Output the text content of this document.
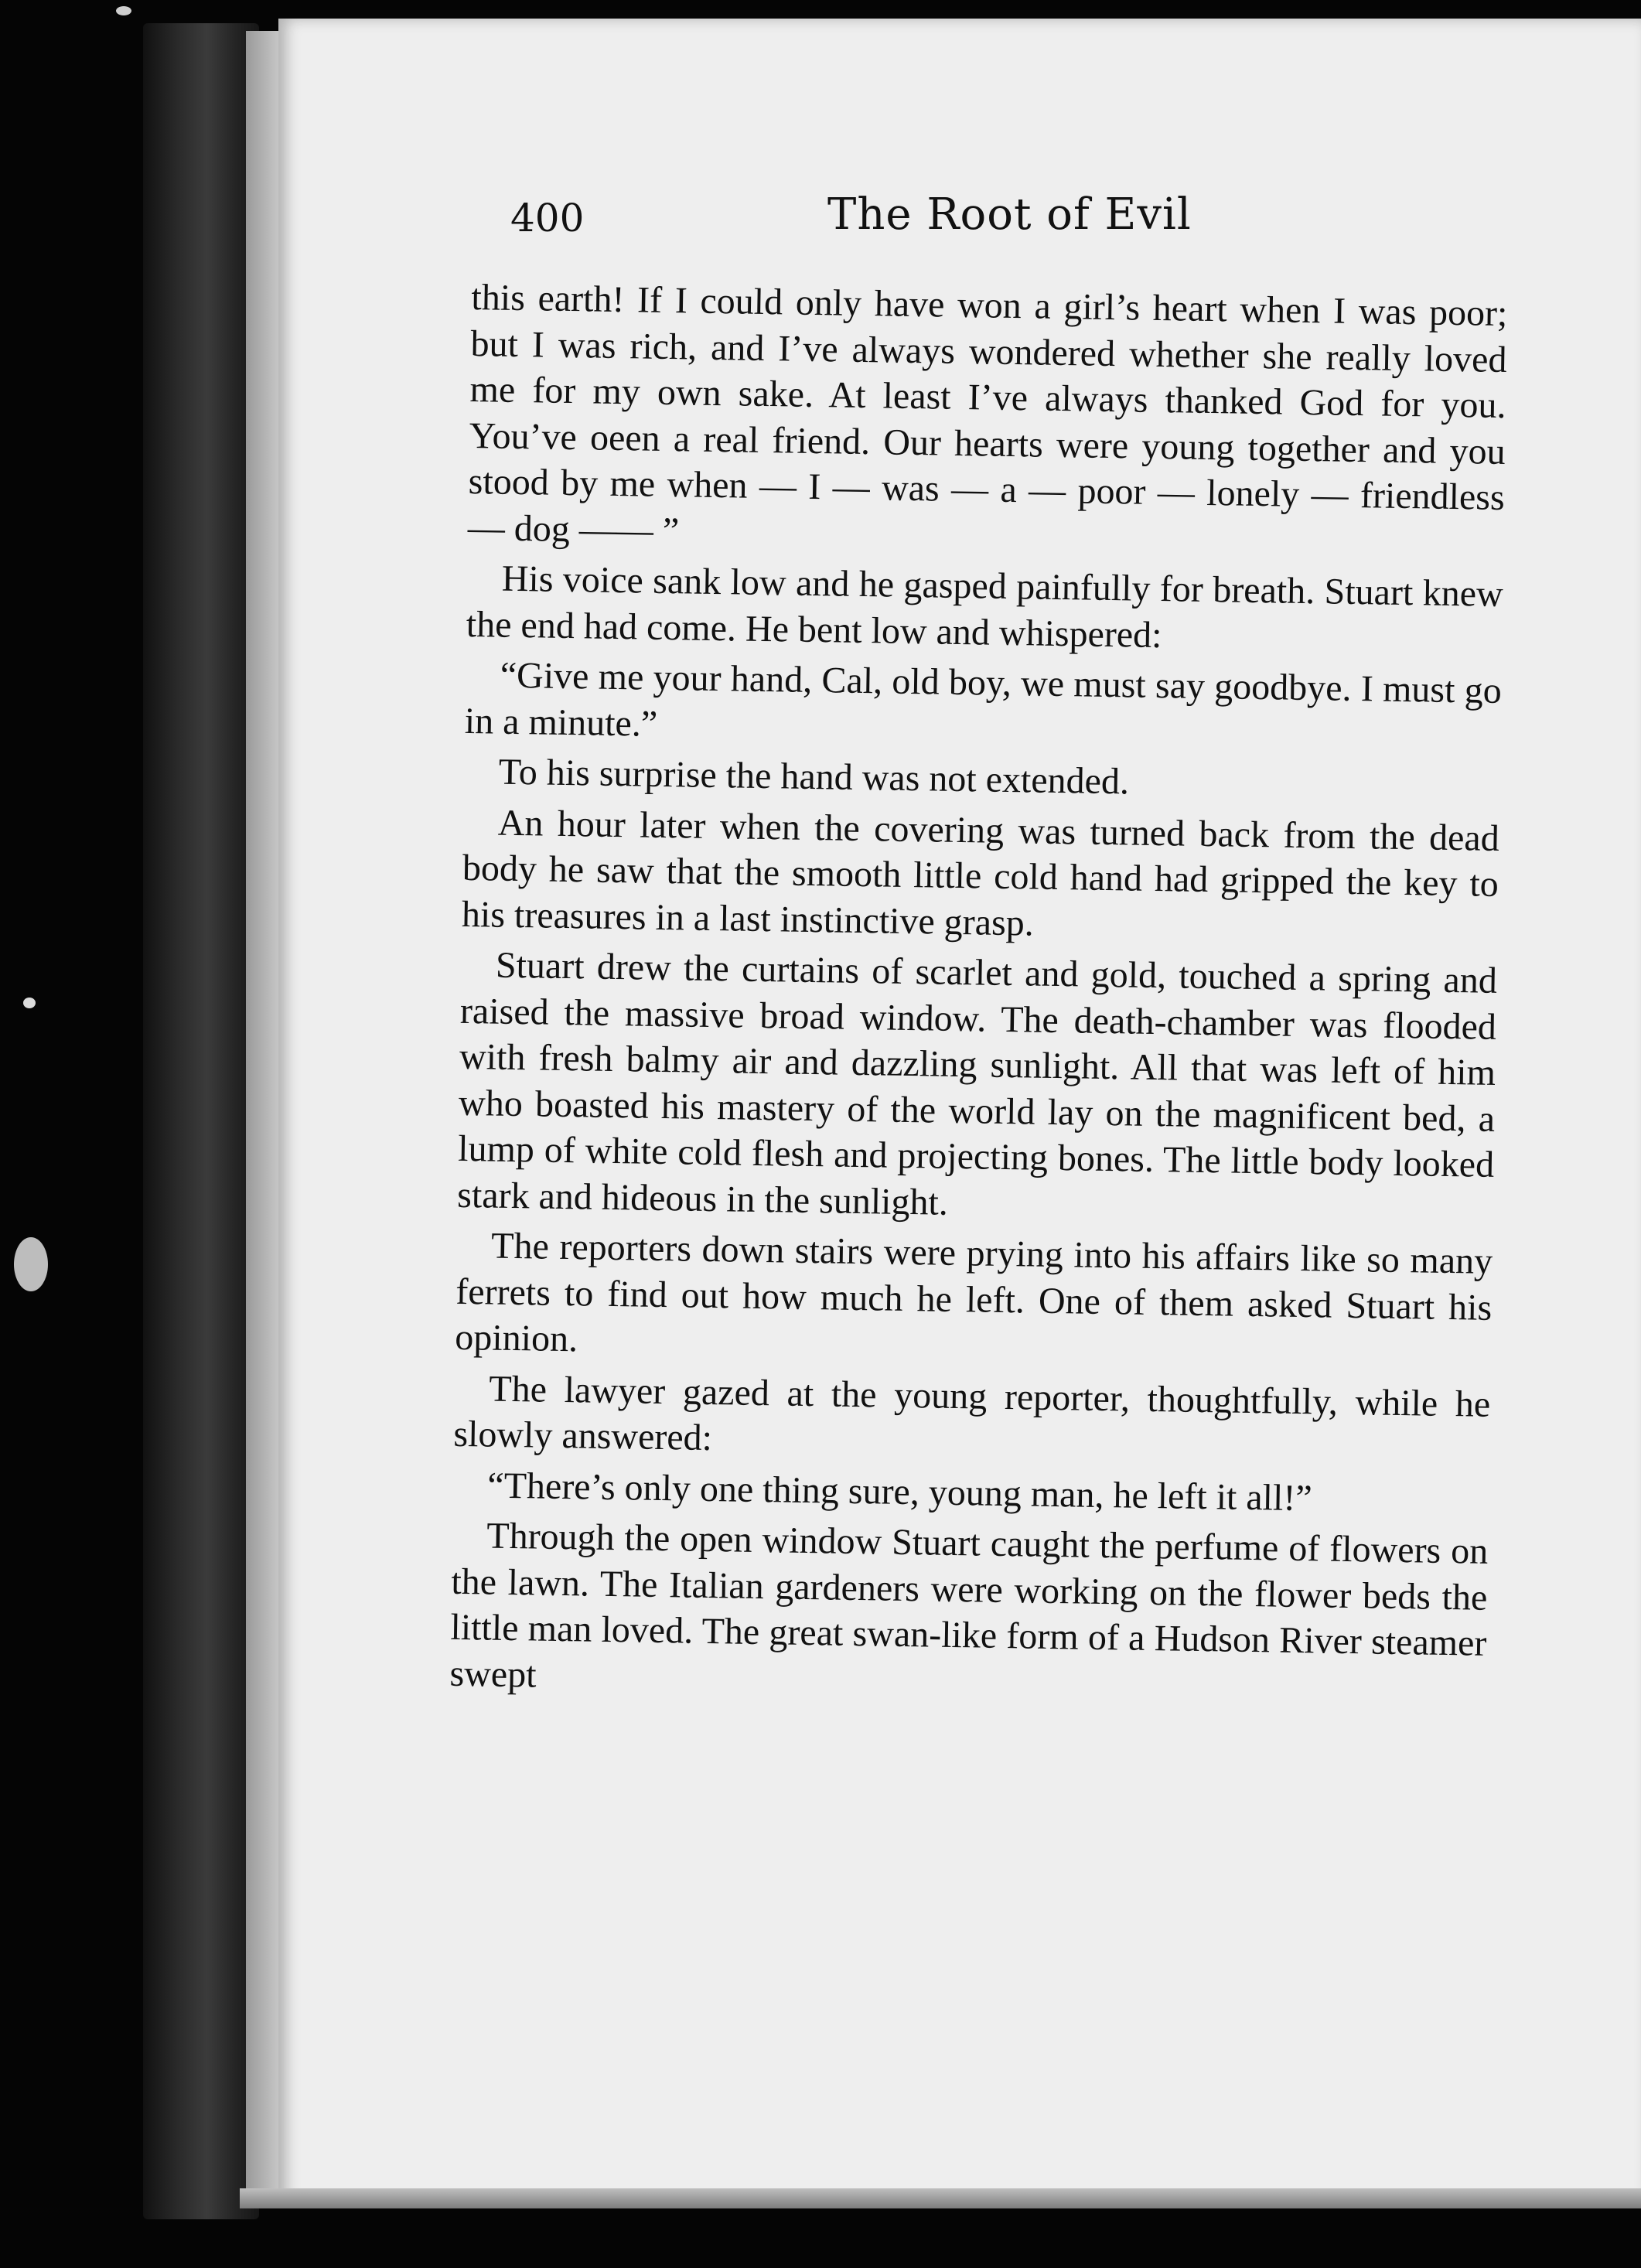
400	The Root of Evil

this earth! If I could only have won a girl’s heart when I was poor; but I was rich, and I’ve always wondered whether she really loved me for my own sake. At least I’ve always thanked God for you. You’ve oeen a real friend. Our hearts were young together and you stood by me when — I — was — a — poor — lonely — friendless — dog —— ”

His voice sank low and he gasped painfully for breath. Stuart knew the end had come. He bent low and whispered:

“Give me your hand, Cal, old boy, we must say goodbye. I must go in a minute.”

To his surprise the hand was not extended.

An hour later when the covering was turned back from the dead body he saw that the smooth little cold hand had gripped the key to his treasures in a last instinctive grasp.

Stuart drew the curtains of scarlet and gold, touched a spring and raised the massive broad window. The death-chamber was flooded with fresh balmy air and dazzling sunlight. All that was left of him who boasted his mastery of the world lay on the magnificent bed, a lump of white cold flesh and projecting bones. The little body looked stark and hideous in the sunlight.

The reporters down stairs were prying into his affairs like so many ferrets to find out how much he left. One of them asked Stuart his opinion.

The lawyer gazed at the young reporter, thoughtfully, while he slowly answered:

“There’s only one thing sure, young man, he left it all!”

Through the open window Stuart caught the perfume of flowers on the lawn. The Italian gardeners were working on the flower beds the little man loved. The great swan-like form of a Hudson River steamer swept
